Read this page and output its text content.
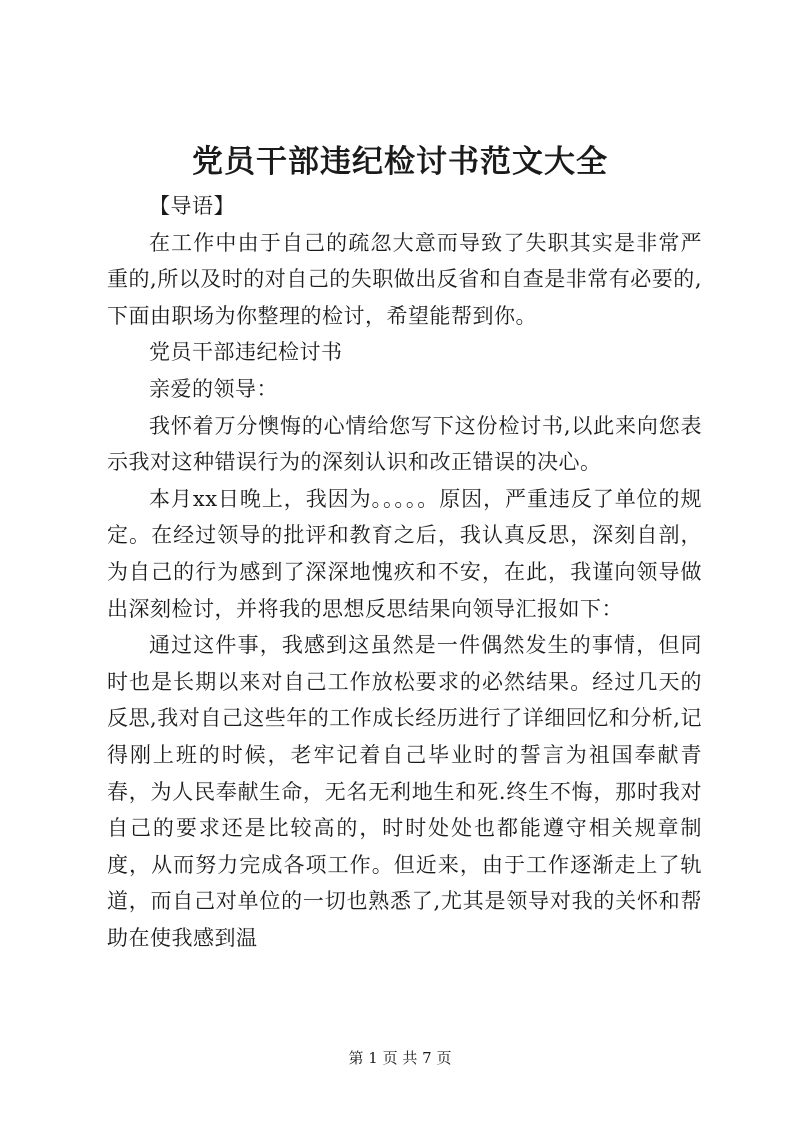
党员干部违纪检讨书范文大全

【导语】

在工作中由于自己的疏忽大意而导致了失职其实是非常严重的,所以及时的对自己的失职做出反省和自查是非常有必要的,下面由职场为你整理的检讨，希望能帮到你。

党员干部违纪检讨书

亲爱的领导：

我怀着万分懊悔的心情给您写下这份检讨书,以此来向您表示我对这种错误行为的深刻认识和改正错误的决心。

本月xx日晚上，我因为。。。。。原因，严重违反了单位的规定。在经过领导的批评和教育之后，我认真反思，深刻自剖，为自己的行为感到了深深地愧疚和不安，在此，我谨向领导做出深刻检讨，并将我的思想反思结果向领导汇报如下：

通过这件事，我感到这虽然是一件偶然发生的事情，但同时也是长期以来对自己工作放松要求的必然结果。经过几天的反思,我对自己这些年的工作成长经历进行了详细回忆和分析,记得刚上班的时候，老牢记着自己毕业时的誓言为祖国奉献青春，为人民奉献生命，无名无利地生和死.终生不悔，那时我对自己的要求还是比较高的，时时处处也都能遵守相关规章制度，从而努力完成各项工作。但近来，由于工作逐渐走上了轨道，而自己对单位的一切也熟悉了,尤其是领导对我的关怀和帮助在使我感到温

第 1 页 共 7 页
